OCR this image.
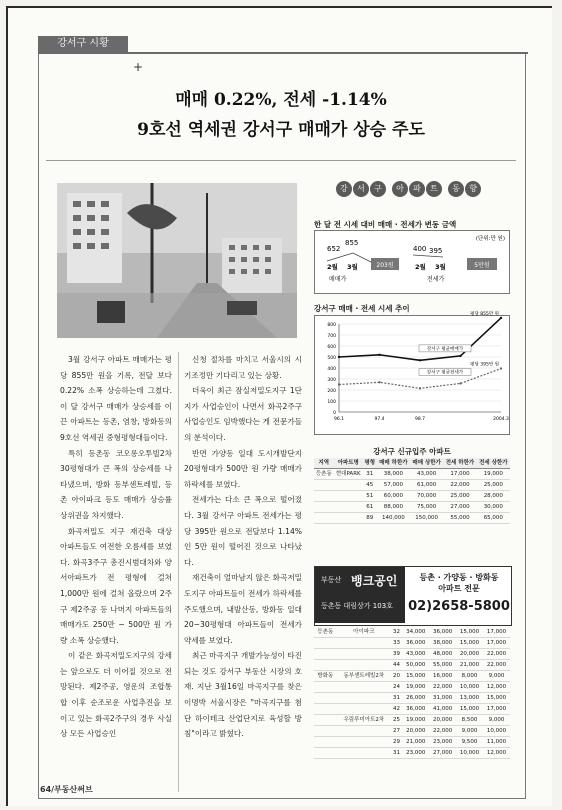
강서구 시황
+
매매 0.22%, 전세 -1.14%
9호선 역세권 강서구 매매가 상승 주도

3월 강서구 아파트 매매가는 평당 855만 원을 기록, 전달 보다 0.22% 소폭 상승하는데 그쳤다. 이 달 강서구 매매가 상승세를 이끈 아파트는 등촌, 염창, 방화동의 9호선 역세권 중형평형대들이다.

특히 등촌동 코오롱오투빌2차 30평형대가 큰 폭의 상승세를 나타냈으며, 방화 동부센트레빌, 등촌 아이파크 등도 매매가 상승률 상위권을 차지했다.

화곡저밀도 지구 재건축 대상 아파트들도 여전한 오름세를 보였다. 화곡3주구 총진시범대차와 양서아파트가 전 평형에 걸쳐 1,000만 원에 걸쳐 올랐으며 2주구 제2주공 등 나머지 아파트들의 매매가도 250만 ~ 500만 원 가량 소폭 상승했다.

이 같은 화곡저밀도지구의 강세는 앞으로도 더 이어질 것으로 전망된다. 제2주공, 영운의 조합통합 이후 순조로운 사업추진을 보이고 있는 화곡2주구의 경우 사실 상 모든 사업승인

신청 절차를 마치고 서울시의 시기조정만 기다리고 있는 상황.

더욱이 최근 잠실저밀도지구 1단지가 사업승인이 나면서 화곡2주구 사업승인도 임박했다는 게 전문가들의 분석이다.

반면 가양동 일대 도시개발단지 20평형대가 500만 원 가량 매매가 하락세를 보였다.

전세가는 다소 큰 폭으로 떨어졌다. 3월 강서구 아파트 전세가는 평당 395만 원으로 전달보다 1.14%인 5만 원이 떨어진 것으로 나타났다.

재건축이 얼마남지 않은 화곡저밀도지구 아파트들이 전세가 하락세를 주도했으며, 내발산동, 방화동 일대 20~30평형대 아파트들이 전세가 약세를 보였다.

최근 마곡지구 개발가능성이 타진되는 것도 강서구 부동산 시장의 호재. 지난 3월16일 마곡지구를 찾은 이명박 서울시장은 "마곡지구를 첨단 하이테크 산업단지로 육성할 방침"이라고 밝혔다.

강 서 구 아 파 트 동 향
한 달 전 시세 대비 매매 · 전세가 변동 금액
(단위:만 원)
652
855
203원
2월 3월
매매가
400 395
5만원
2월 3월
전세가
강서구 매매 · 전세 시세 추이
800
700
600
500
400
300
200
100
0
96.1	97.4	98.7	2004.3
평당 855만 원
강서구 평균매매가
평당 395만 원
강서구 평균전세가
강서구 신규입주 아파트
지역	아파트명	평형	매매 하한가	매매 상한가	전세 하한가	전세 상한가
등촌동	현대PARK	31	38,000	43,000	17,000	19,000
		45	57,000	61,000	22,000	25,000
		51	60,000	70,000	25,000	28,000
		61	88,000	75,000	27,000	30,000
		89	140,000	150,000	55,000	65,000
부동산 뱅크공인
등촌동 대림상가 103호
등촌 · 가양동 · 방화동
아파트 전문
02)2658-5800
등촌동	아이파크	32	34,000	36,000	15,000	17,000
		33	36,000	38,000	15,000	17,000
		39	43,000	48,000	20,000	22,000
		44	50,000	55,000	21,000	22,000
방화동	동부센트레빌2차	20	15,000	16,000	8,000	9,000
		24	19,000	22,000	10,000	12,000
		31	26,000	31,000	13,000	15,000
		42	36,000	41,000	15,000	17,000
	우림루미아트2차	25	19,000	20,000	8,500	9,000
		27	20,000	22,000	9,000	10,000
		29	21,000	23,000	9,500	11,000
		31	23,000	27,000	10,000	12,000
64/부동산써브
